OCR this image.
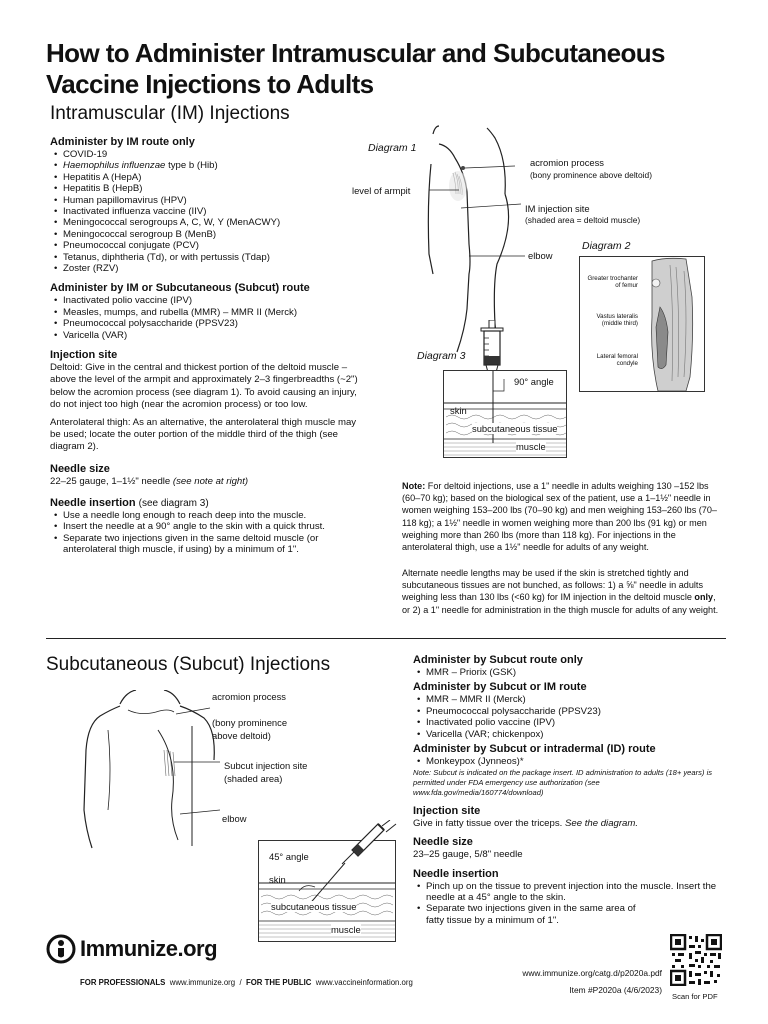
How to Administer Intramuscular and Subcutaneous Vaccine Injections to Adults
Intramuscular (IM) Injections
Administer by IM route only
• COVID-19
• Haemophilus influenzae type b (Hib)
• Hepatitis A (HepA)
• Hepatitis B (HepB)
• Human papillomavirus (HPV)
• Inactivated influenza vaccine (IIV)
• Meningococcal serogroups A, C, W, Y (MenACWY)
• Meningococcal serogroup B (MenB)
• Pneumococcal conjugate (PCV)
• Tetanus, diphtheria (Td), or with pertussis (Tdap)
• Zoster (RZV)
Administer by IM or Subcutaneous (Subcut) route
• Inactivated polio vaccine (IPV)
• Measles, mumps, and rubella (MMR) – MMR II (Merck)
• Pneumococcal polysaccharide (PPSV23)
• Varicella (VAR)
Injection site
Deltoid: Give in the central and thickest portion of the deltoid muscle – above the level of the armpit and approximately 2–3 fingerbreadths (~2") below the acromion process (see diagram 1). To avoid causing an injury, do not inject too high (near the acromion process) or too low.
Anterolateral thigh: As an alternative, the anterolateral thigh muscle may be used; locate the outer portion of the middle third of the thigh (see diagram 2).
Needle size
22–25 gauge, 1–1½" needle (see note at right)
Needle insertion (see diagram 3)
• Use a needle long enough to reach deep into the muscle.
• Insert the needle at a 90° angle to the skin with a quick thrust.
• Separate two injections given in the same deltoid muscle (or anterolateral thigh muscle, if using) by a minimum of 1".
Diagram 1
acromion process
(bony prominence above deltoid)
level of armpit
IM injection site
(shaded area = deltoid muscle)
elbow
Diagram 2
Greater trochanter of femur
Vastus lateralis (middle third)
Lateral femoral condyle
Diagram 3
90° angle
skin
subcutaneous tissue
muscle
Note: For deltoid injections, use a 1" needle in adults weighing 130 –152 lbs (60–70 kg); based on the biological sex of the patient, use a 1–1½" needle in women weighing 153–200 lbs (70–90 kg) and men weighing 153–260 lbs (70–118 kg); a 1½" needle in women weighing more than 200 lbs (91 kg) or men weighing more than 260 lbs (more than 118 kg). For injections in the anterolateral thigh, use a 1½" needle for adults of any weight.
Alternate needle lengths may be used if the skin is stretched tightly and subcutaneous tissues are not bunched, as follows: 1) a ⅝" needle in adults weighing less than 130 lbs (<60 kg) for IM injection in the deltoid muscle only, or 2) a 1" needle for administration in the thigh muscle for adults of any weight.
Subcutaneous (Subcut) Injections
acromion process
(bony prominence above deltoid)
Subcut injection site
(shaded area)
elbow
45° angle
skin
subcutaneous tissue
muscle
Administer by Subcut route only
• MMR – Priorix (GSK)
Administer by Subcut or IM route
• MMR – MMR II (Merck)
• Pneumococcal polysaccharide (PPSV23)
• Inactivated polio vaccine (IPV)
• Varicella (VAR; chickenpox)
Administer by Subcut or intradermal (ID) route
• Monkeypox (Jynneos)*
Note: Subcut is indicated on the package insert. ID administration to adults (18+ years) is permitted under FDA emergency use authorization (see www.fda.gov/media/160774/download)
Injection site
Give in fatty tissue over the triceps. See the diagram.
Needle size
23–25 gauge, 5/8" needle
Needle insertion
• Pinch up on the tissue to prevent injection into the muscle. Insert the needle at a 45° angle to the skin.
• Separate two injections given in the same area of fatty tissue by a minimum of 1".
Immunize.org
FOR PROFESSIONALS www.immunize.org / FOR THE PUBLIC www.vaccineinformation.org
www.immunize.org/catg.d/p2020a.pdf
Item #P2020a (4/6/2023)
Scan for PDF
